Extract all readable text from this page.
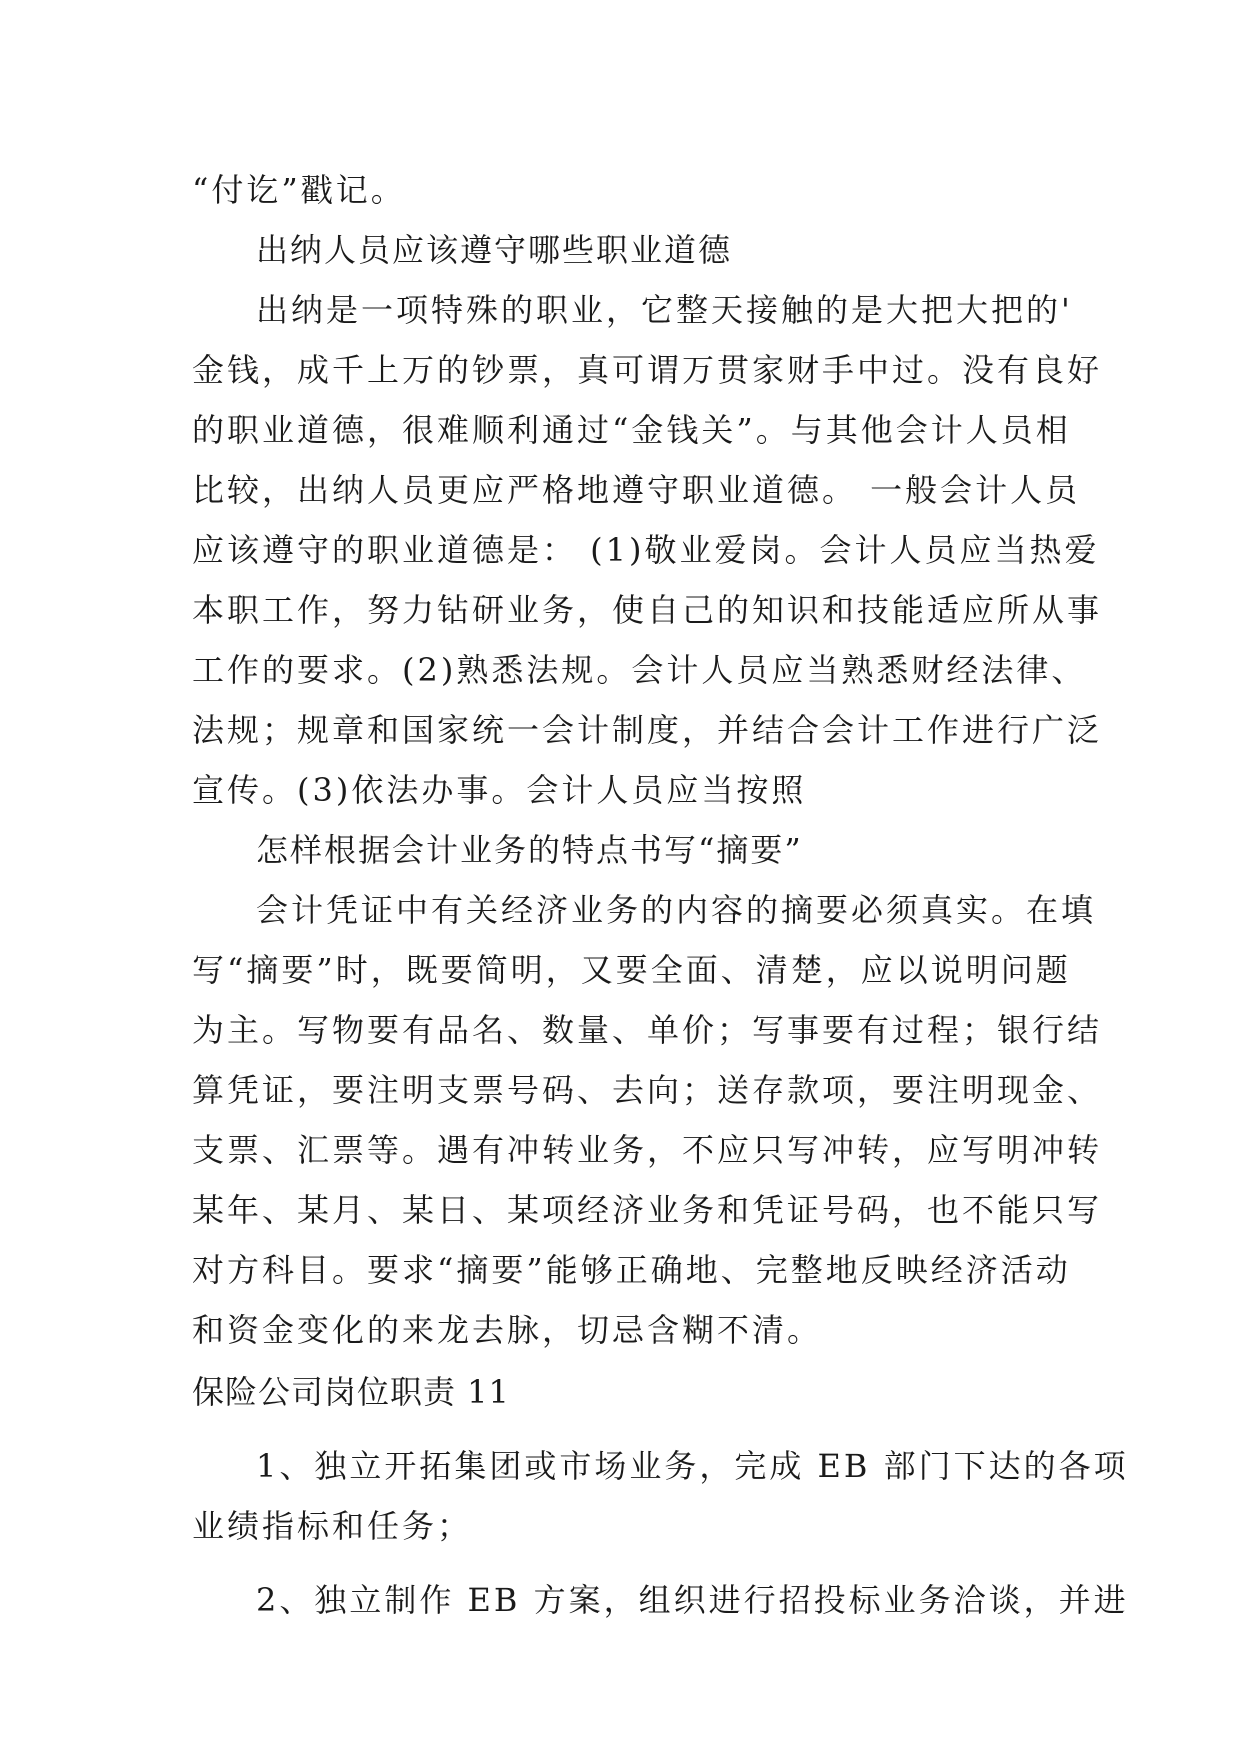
“付讫”戳记。
出纳人员应该遵守哪些职业道德
出纳是一项特殊的职业，它整天接触的是大把大把的'
金钱，成千上万的钞票，真可谓万贯家财手中过。没有良好
的职业道德，很难顺利通过“金钱关”。与其他会计人员相
比较，出纳人员更应严格地遵守职业道德。 一般会计人员
应该遵守的职业道德是： (1)敬业爱岗。会计人员应当热爱
本职工作，努力钻研业务，使自己的知识和技能适应所从事
工作的要求。(2)熟悉法规。会计人员应当熟悉财经法律、
法规；规章和国家统一会计制度，并结合会计工作进行广泛
宣传。(3)依法办事。会计人员应当按照
怎样根据会计业务的特点书写“摘要”
会计凭证中有关经济业务的内容的摘要必须真实。在填
写“摘要”时，既要简明，又要全面、清楚，应以说明问题
为主。写物要有品名、数量、单价；写事要有过程；银行结
算凭证，要注明支票号码、去向；送存款项，要注明现金、
支票、汇票等。遇有冲转业务，不应只写冲转，应写明冲转
某年、某月、某日、某项经济业务和凭证号码，也不能只写
对方科目。要求“摘要”能够正确地、完整地反映经济活动
和资金变化的来龙去脉，切忌含糊不清。
保险公司岗位职责 11
1、独立开拓集团或市场业务，完成 EB 部门下达的各项
业绩指标和任务；
2、独立制作 EB 方案，组织进行招投标业务洽谈，并进
